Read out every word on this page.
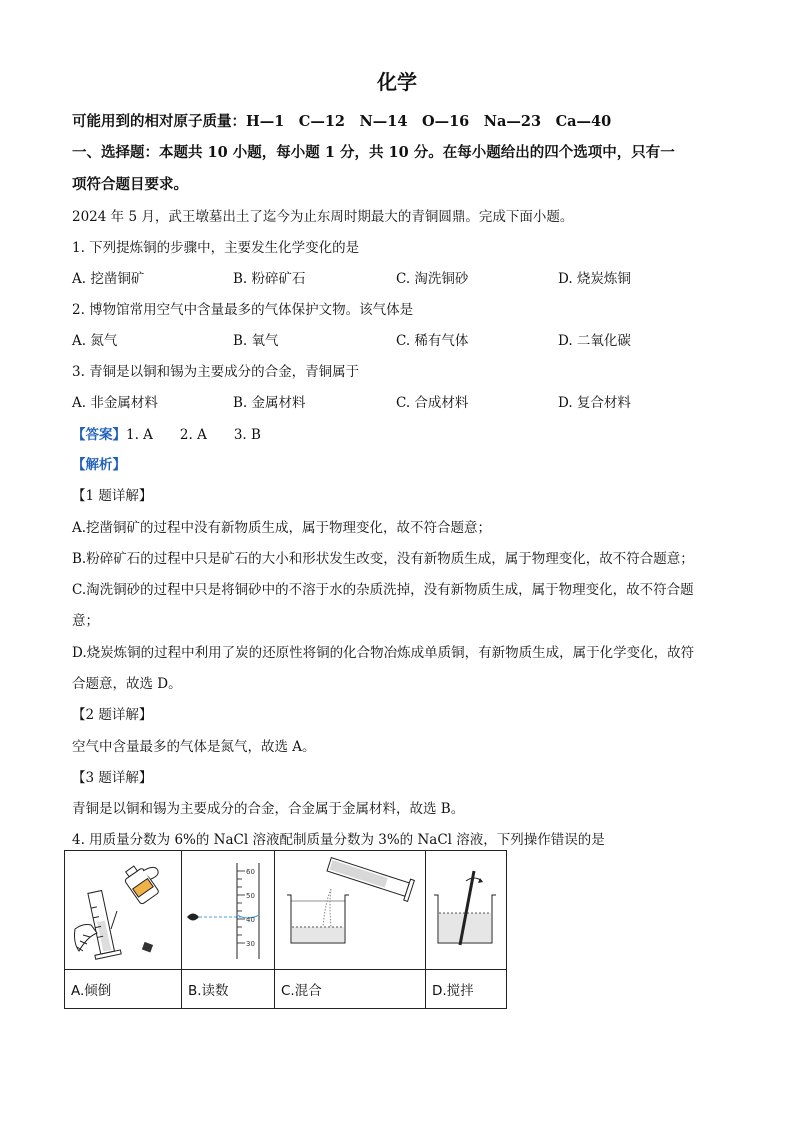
化学
可能用到的相对原子质量：H—1　C—12　N—14　O—16　Na—23　Ca—40
一、选择题：本题共 10 小题，每小题 1 分，共 10 分。在每小题给出的四个选项中，只有一
项符合题目要求。
2024 年 5 月，武王墩墓出土了迄今为止东周时期最大的青铜圆鼎。完成下面小题。
1. 下列提炼铜的步骤中，主要发生化学变化的是
A. 挖凿铜矿	B. 粉碎矿石	C. 淘洗铜砂	D. 烧炭炼铜
2. 博物馆常用空气中含量最多的气体保护文物。该气体是
A. 氮气	B. 氧气	C. 稀有气体	D. 二氧化碳
3. 青铜是以铜和锡为主要成分的合金，青铜属于
A. 非金属材料	B. 金属材料	C. 合成材料	D. 复合材料
【答案】1. A　　2. A　　3. B
【解析】
【1 题详解】
A.挖凿铜矿的过程中没有新物质生成，属于物理变化，故不符合题意；
B.粉碎矿石的过程中只是矿石的大小和形状发生改变，没有新物质生成，属于物理变化，故不符合题意；
C.淘洗铜砂的过程中只是将铜砂中的不溶于水的杂质洗掉，没有新物质生成，属于物理变化，故不符合题
意；
D.烧炭炼铜的过程中利用了炭的还原性将铜的化合物冶炼成单质铜，有新物质生成，属于化学变化，故符
合题意，故选 D。
【2 题详解】
空气中含量最多的气体是氮气，故选 A。
【3 题详解】
青铜是以铜和锡为主要成分的合金，合金属于金属材料，故选 B。
4. 用质量分数为 6%的 NaCl 溶液配制质量分数为 3%的 NaCl 溶液，下列操作错误的是

60
50
40
30

A.倾倒	B.读数	C.混合	D.搅拌
